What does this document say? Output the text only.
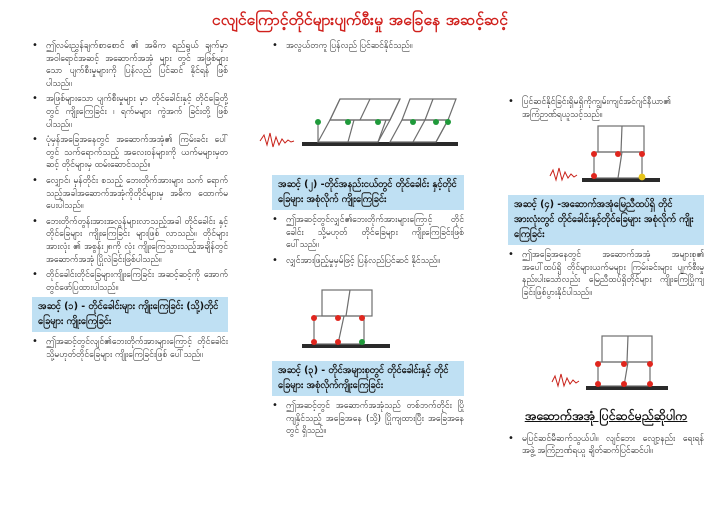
ငလျင်ကြောင့်တိုင်များပျက်စီးမှု အခြေနေ အဆင့်ဆင့်
• ဤလမ်းညွှန်ချက်စာစောင် ၏ အဓိက ရည်ရွယ် ချက်မှာ အဝါရောင်အဆင့် အဆောက်အအုံ များ တွင် အဖြစ်များသော ပျက်စီးမှုများကို ပြန်လည် ပြင်ဆင် နိုင်ရန် ဖြစ်ပါသည်။
• အဖြစ်များသော ပျက်စီးမှုများ မှာ တိုင်ခေါင်းနှင့် တိုင်ခြေတို့တွင် ကျိုးကြေခြင်း ၊ ရက်မများ ကွဲအက် ခြင်းတို့ ဖြစ်ပါသည်။
• ပုံမှန်အခြေအနေတွင် အဆောက်အအုံ၏ ကြမ်းခင်း ပေါ်တွင် သက်ရောက်သည့် အလေးဝန်များကို ယက်မများမှတဆင့် တိုင်များမှ ထမ်းဆောင်သည်။
• လျှောင်၊ မှန်တိုင်း စသည့် ဘေးတိုက်အားများ သက် ရောက်သည့်အခါအဆောက်အအုံကိုတိုင်များမှ အဓိက ထောက်မပေးပါသည်။
• ဘေးတိုက်တွန်းအားအလွန်များလာသည့်အခါ တိုင်ခေါင်း နှင့်တိုင်ခြေများ ကျိုးကြေခြင်း များဖြစ် လာသည်။ တိုင်များအားလုံး ၏ အစွန်း၂၈ကို လုံး ကျိုးကြေသွားသည့်အချိန်တွင် အဆောက်အအုံ ပြိုလဲခြင်းဖြစ်ပါသည်။
• တိုင်ခေါင်းတိုင်ခြေများကျိုးကြေခြင်း အဆင့်ဆင့်ကို အောက်တွင်ဖော်ပြထားပါသည်။
အဆင့် (၁) - တိုင်ခေါင်းများ ကျိုးကြေခြင်း (သို့)တိုင်ခြေများ ကျိုးကြေခြင်း
• ဤအဆင့်တွင်လျင်၏ဘေးတိုက်အားများကြောင့် တိုင်ခေါင်းသို့မဟုတ်တိုင်ခြေများ ကျိုးကြေခြင်းဖြစ် ပေါ်သည်။
• အလွယ်တကူ ပြန်လည် ပြင်ဆင်နိုင်သည်။
အဆင့် (၂) -တိုင်အနည်းငယ်တွင် တိုင်ခေါင်း နှင့်တိုင်ခြေများ အစုံလိုက် ကျိုးကြေခြင်း
• ဤအဆင့်တွင်လျှင်၏ဘေးတိုက်အားများကြောင့် တိုင်ခေါင်း သို့မဟုတ် တိုင်ခြေများ ကျိုးကြေခြင်းဖြစ် ပေါ်သည်။
• လျှင်အားဖြည့်မှုမှမ်ဖြင့် ပြန်လည်ပြင်ဆင် နိုင်သည်။
အဆင့် (၃) - တိုင်အများစုတွင် တိုင်ခေါင်းနှင့် တိုင်ခြေများ အစုံလိုက်ကျိုးကြေခြင်း
• ဤအဆင့်တွင် အဆောက်အအုံသည် တစ်ဘက်တိုင်း ပြိုကျနိုင်သည့် အခြေအနေ (သို့) ပြိုကျထားပြီး အခြေအနေတွင် ရှိသည်။
• ပြင်ဆင်နိုင်ခြင်းရှိမရှိကိုကျွမ်းကျင်အင်ဂျင်နီယာ၏ အကြံဉာဏ်ရယူသင့်သည်။
အဆင့် (၄) -အဆောက်အအုံမြေညီထပ်ရှိ တိုင်အားလုံးတွင် တိုင်ခေါင်းနှင့်တိုင်ခြေများ အစုံလိုက် ကျိုးကြေခြင်း
• ဤအခြေအနေတွင် အဆောက်အအုံ အများစု၏ အပေါ်ထပ်ရှိ တိုင်များယက်မများ ကြမ်းခင်းများ ပျက်စီးမှု နည်းပါးသော်လည်း မြေညီထပ်ရှိတိုင်များ ကျိုးကြေပြိုကျ ခြင်းဖြစ်ပွားနိုင်ပါသည်။
အဆောက်အအုံ ပြင်ဆင်မည်ဆိုပါက
• မပြင်ဆင်မီဆက်သွယ်ပါ။ လျင်ဘေး လျော့နည်း ရေးရန် အဖွဲ့ အကြံဉာဏ်ရယူ ချိတ်ဆက်ပြင်ဆင်ပါ။
